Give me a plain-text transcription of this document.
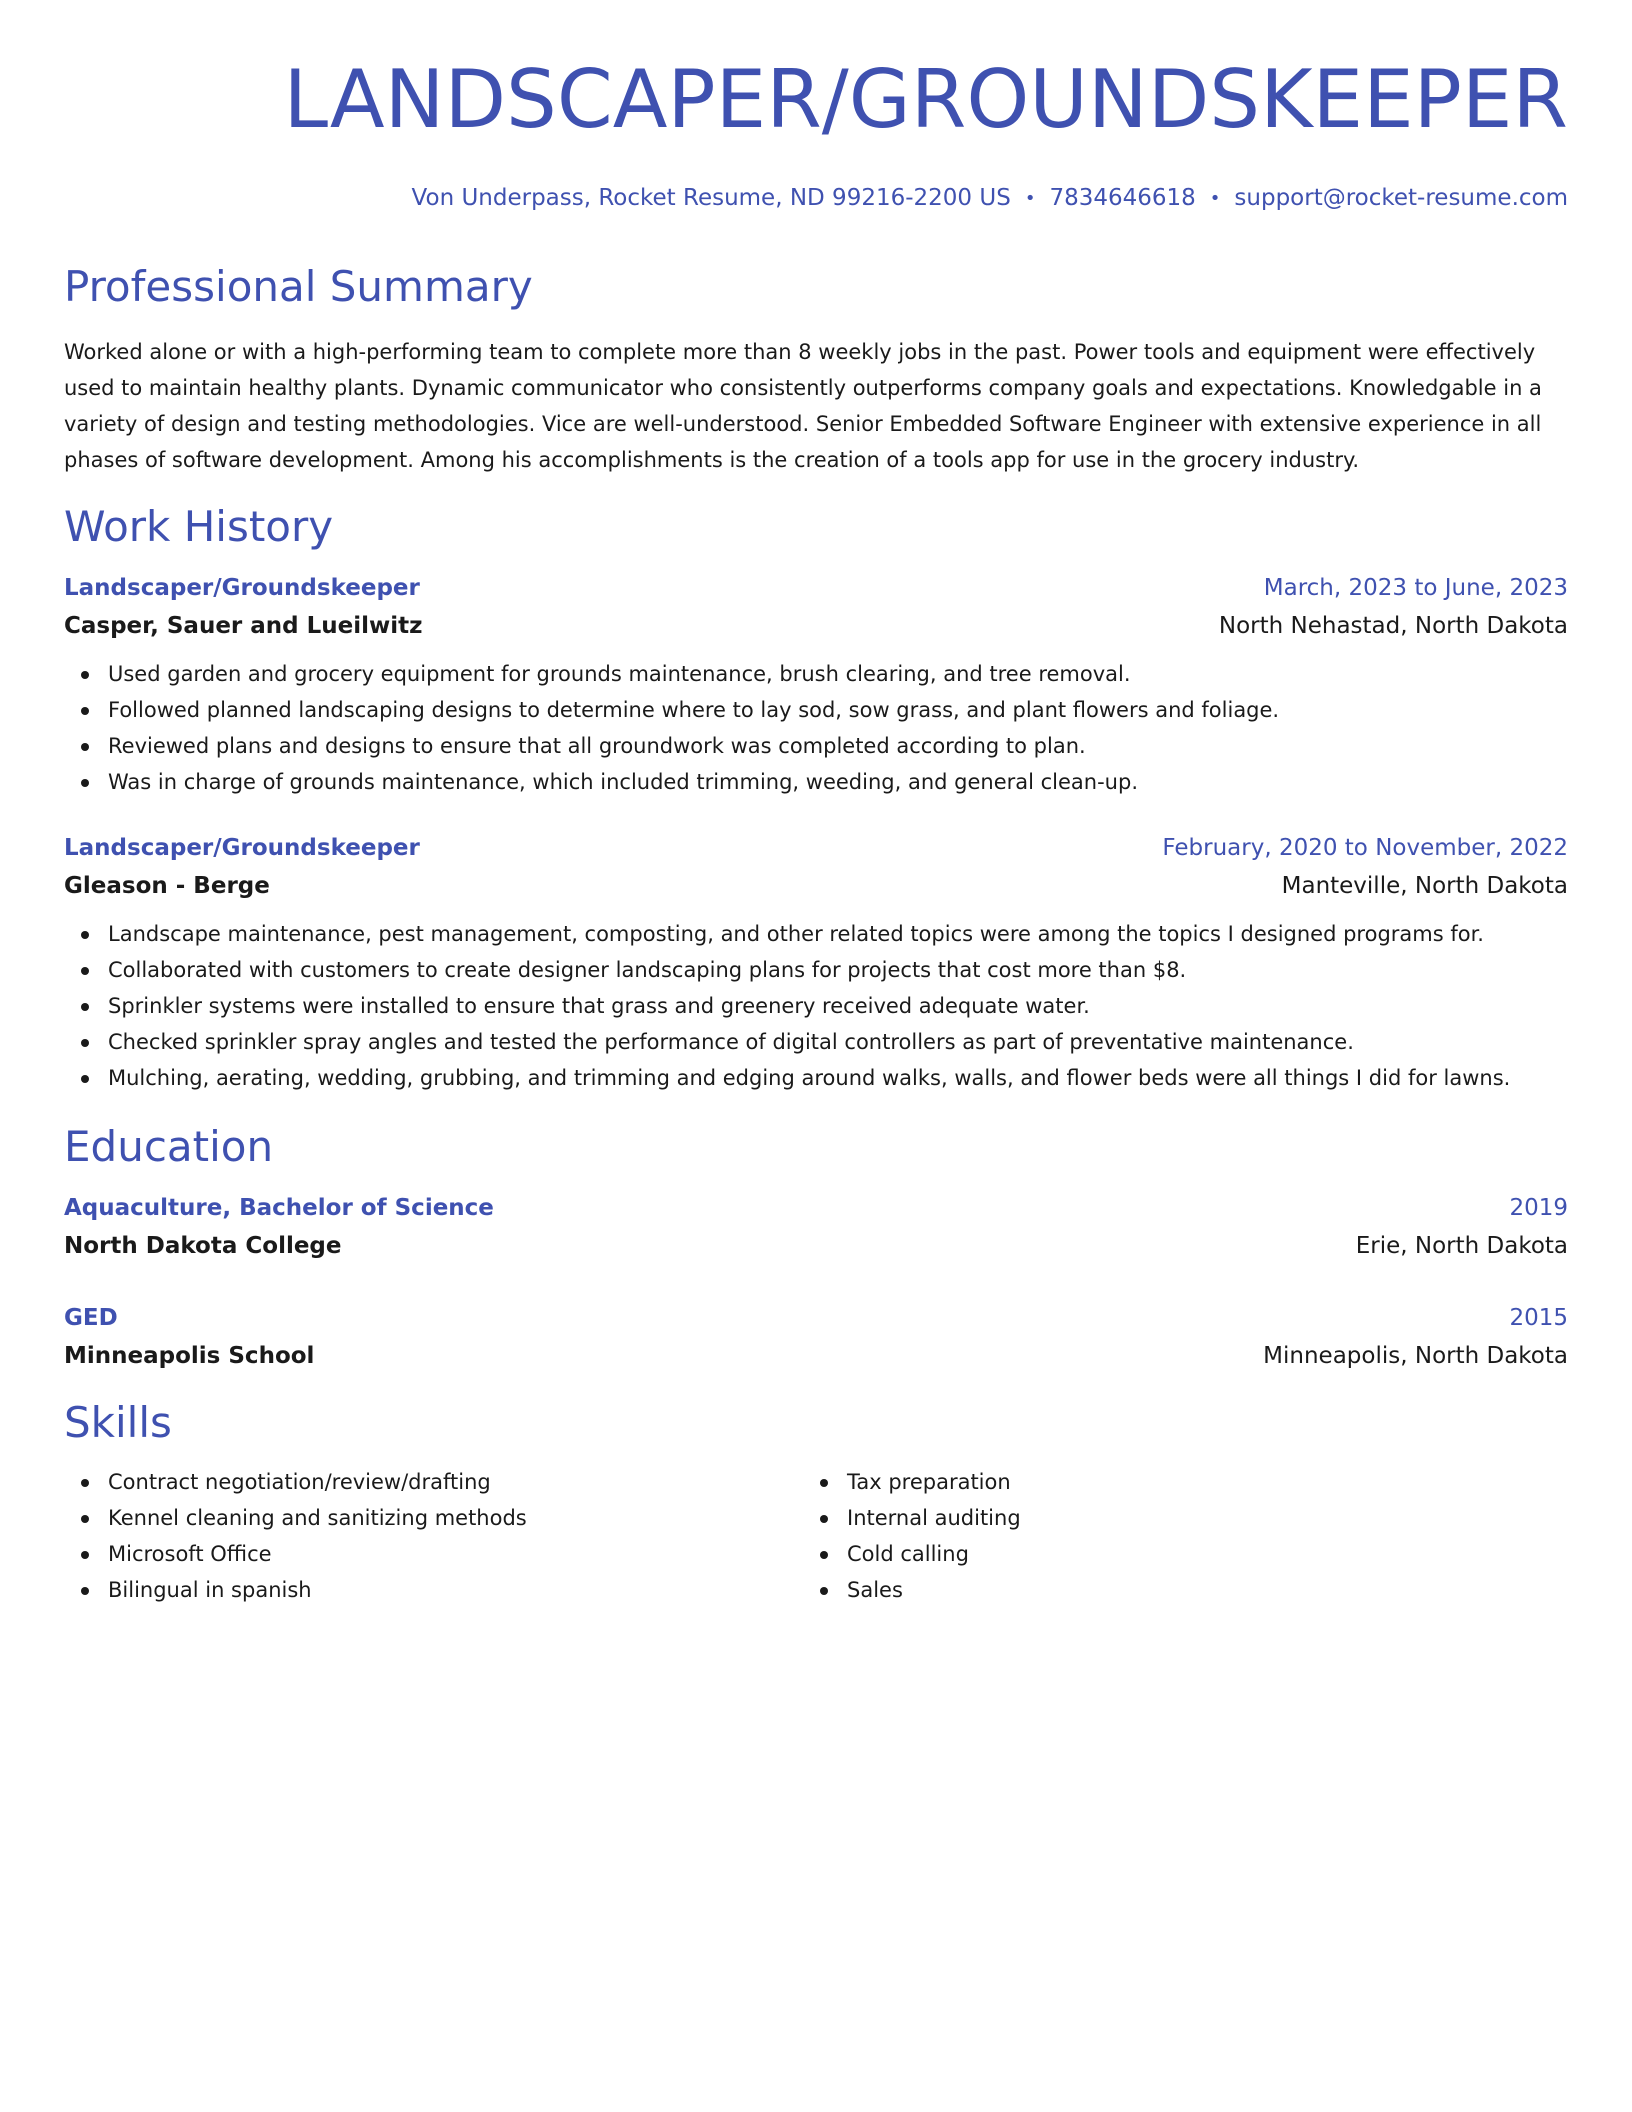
LANDSCAPER/GROUNDSKEEPER
Von Underpass, Rocket Resume, ND 99216-2200 US • 7834646618 • support@rocket-resume.com
Professional Summary
Worked alone or with a high-performing team to complete more than 8 weekly jobs in the past. Power tools and equipment were effectively used to maintain healthy plants. Dynamic communicator who consistently outperforms company goals and expectations. Knowledgable in a variety of design and testing methodologies. Vice are well-understood. Senior Embedded Software Engineer with extensive experience in all phases of software development. Among his accomplishments is the creation of a tools app for use in the grocery industry.
Work History
Landscaper/Groundskeeper	March, 2023 to June, 2023
Casper, Sauer and Lueilwitz	North Nehastad, North Dakota
Used garden and grocery equipment for grounds maintenance, brush clearing, and tree removal.
Followed planned landscaping designs to determine where to lay sod, sow grass, and plant flowers and foliage.
Reviewed plans and designs to ensure that all groundwork was completed according to plan.
Was in charge of grounds maintenance, which included trimming, weeding, and general clean-up.
Landscaper/Groundskeeper	February, 2020 to November, 2022
Gleason - Berge	Manteville, North Dakota
Landscape maintenance, pest management, composting, and other related topics were among the topics I designed programs for.
Collaborated with customers to create designer landscaping plans for projects that cost more than $8.
Sprinkler systems were installed to ensure that grass and greenery received adequate water.
Checked sprinkler spray angles and tested the performance of digital controllers as part of preventative maintenance.
Mulching, aerating, wedding, grubbing, and trimming and edging around walks, walls, and flower beds were all things I did for lawns.
Education
Aquaculture, Bachelor of Science	2019
North Dakota College	Erie, North Dakota
GED	2015
Minneapolis School	Minneapolis, North Dakota
Skills
Contract negotiation/review/drafting
Kennel cleaning and sanitizing methods
Microsoft Office
Bilingual in spanish
Tax preparation
Internal auditing
Cold calling
Sales
